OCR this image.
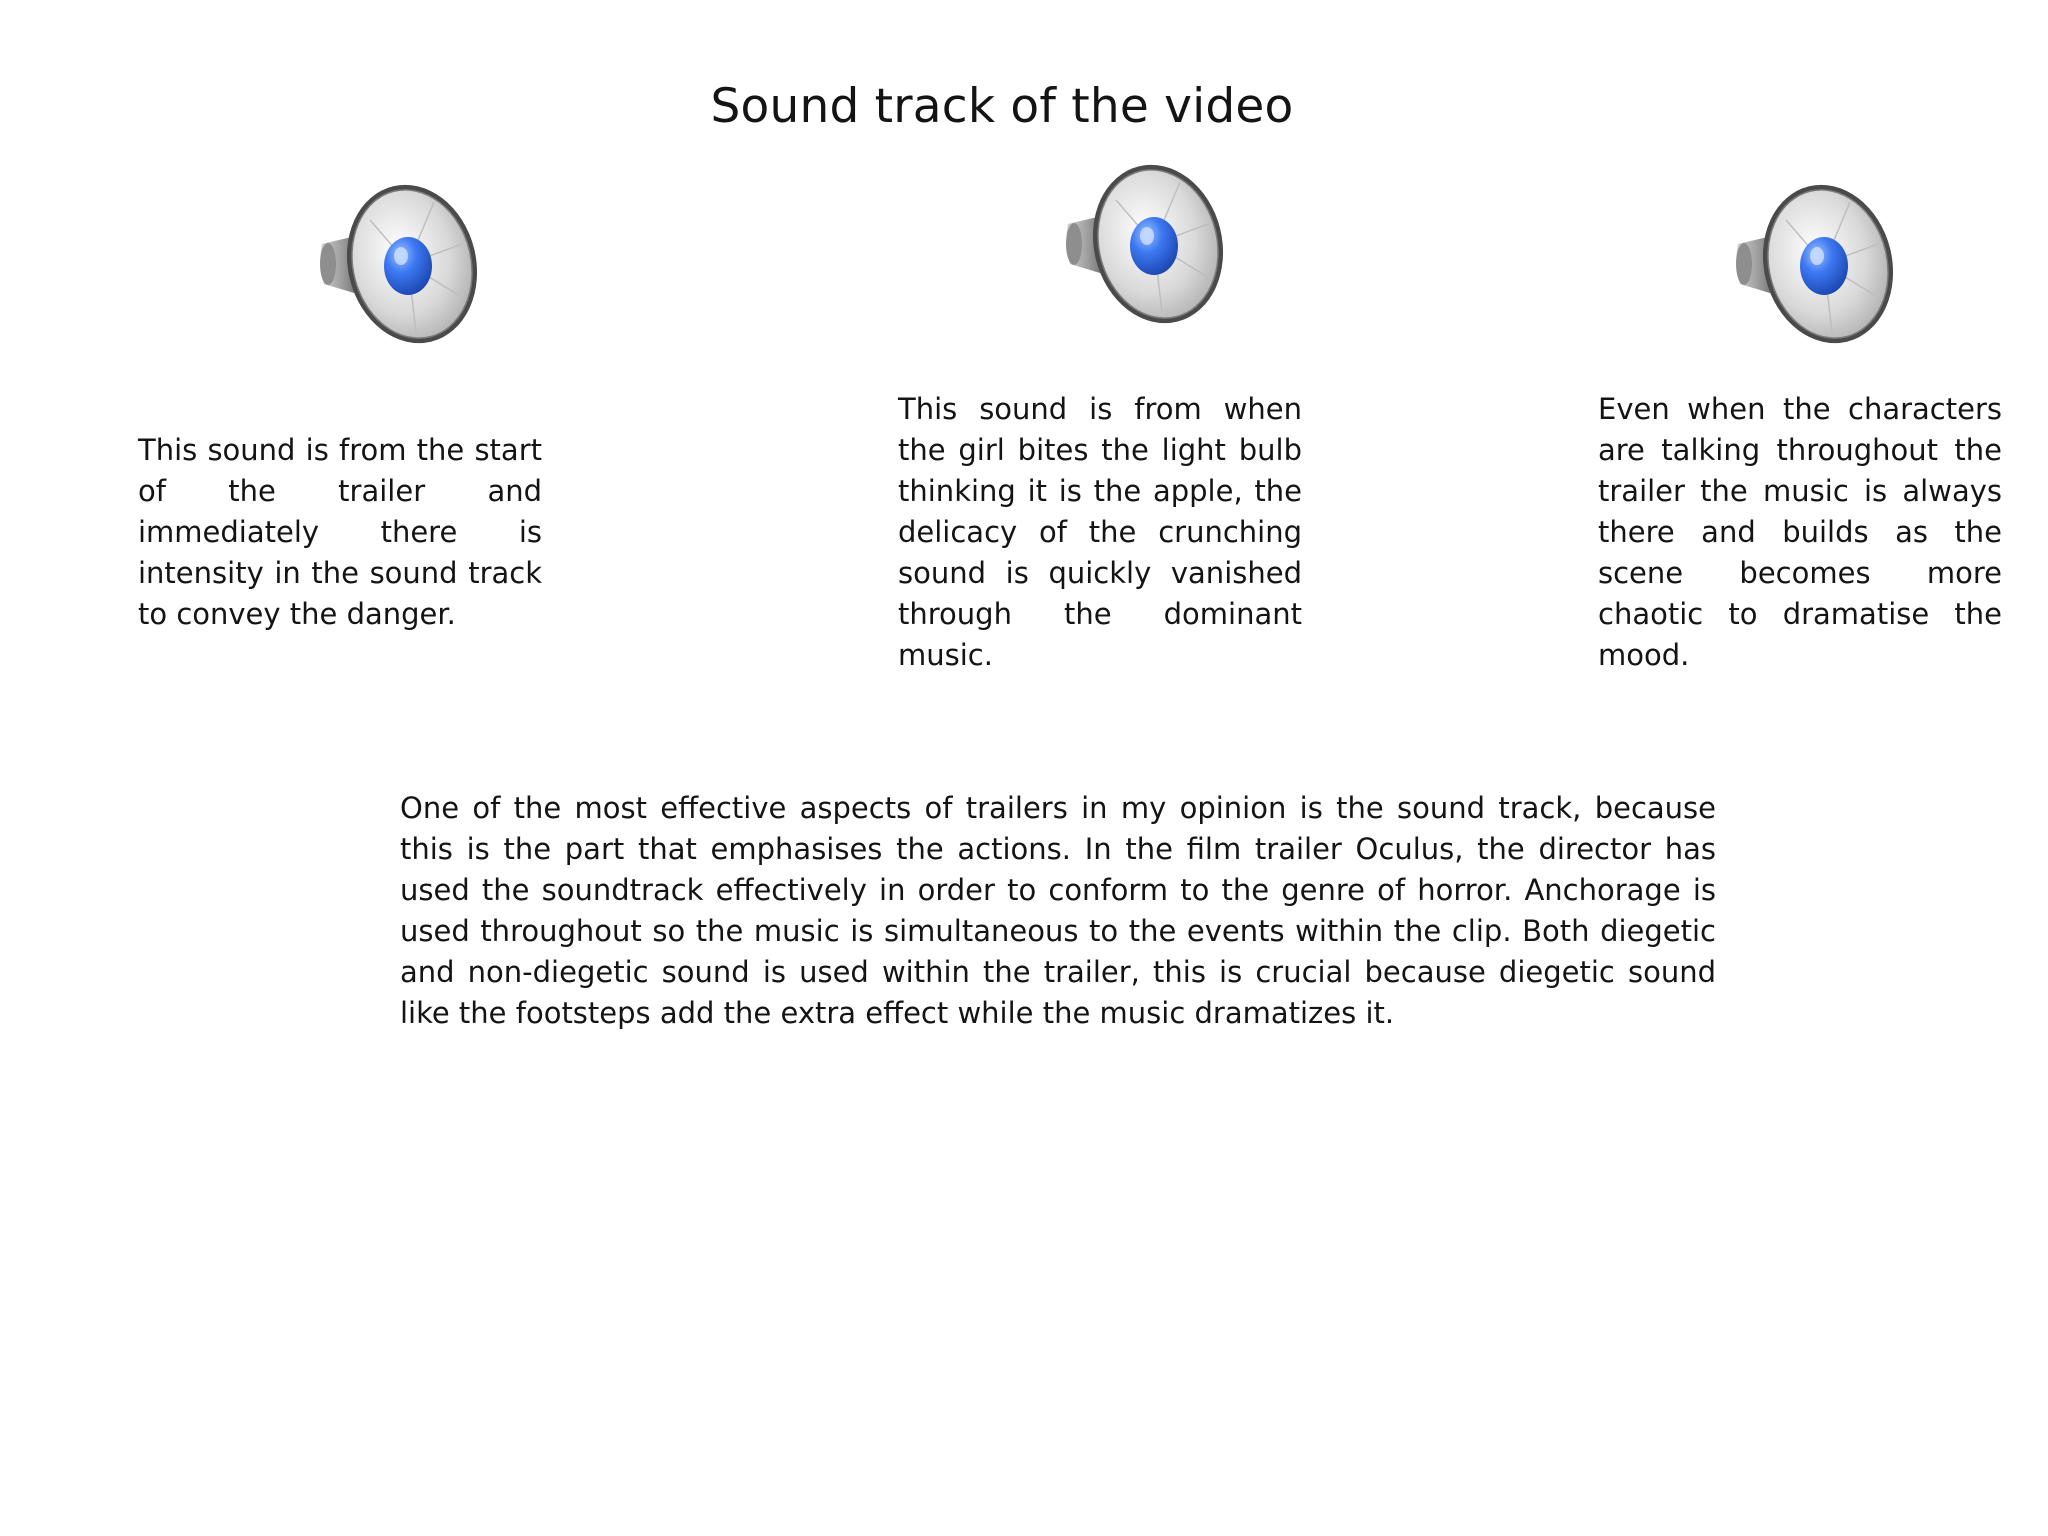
Sound track of the video

This sound is from the start of the trailer and immediately there is intensity in the sound track to convey the danger.

This sound is from when the girl bites the light bulb thinking it is the apple, the delicacy of the crunching sound is quickly vanished through the dominant music.

Even when the characters are talking throughout the trailer the music is always there and builds as the scene becomes more chaotic to dramatise the mood.

One of the most effective aspects of trailers in my opinion is the sound track, because this is the part that emphasises the actions. In the film trailer Oculus, the director has used the soundtrack effectively in order to conform to the genre of horror. Anchorage is used throughout so the music is simultaneous to the events within the clip. Both diegetic and non-diegetic sound is used within the trailer, this is crucial because diegetic sound like the footsteps add the extra effect while the music dramatizes it.
